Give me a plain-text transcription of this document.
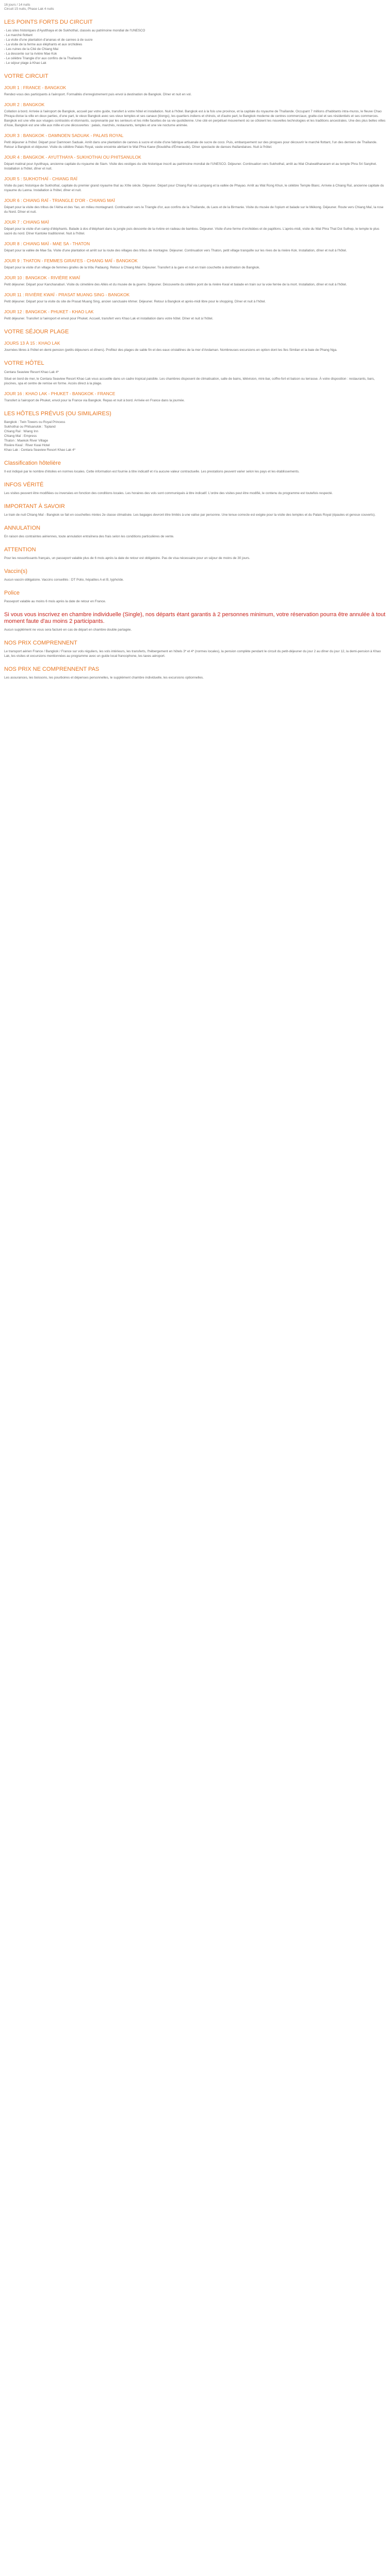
16 jours / 14 nuits
Circuit 15 nuits, Phase Lak 4 nuits
LES POINTS FORTS DU CIRCUIT
- Les sites historiques d'Ayutthaya et de Sukhothaï, classés au patrimoine mondial de l'UNESCO
- Le marché flottant
- La visite d'une plantation d'ananas et de cannes à de sucre
- La visite de la ferme aux éléphants et aux orchidées
- Les ruines de la Cité de Chiang Mai
- La descente sur la rivière Mae Kok
- Le célèbre Triangle d'or aux confins de la Thaïlande
- Le séjour plage à Khao Lak
VOTRE CIRCUIT
JOUR 1 : FRANCE - BANGKOK

Rendez-vous des participants à l'aéroport. Formalités d'enregistrement puis envol à destination de Bangkok. Dîner et nuit en vol.

JOUR 2 : BANGKOK

Collation à bord. Arrivée à l'aéroport de Bangkok, accueil par votre guide, transfert à votre hôtel et installation. Nuit à l'hôtel. Bangkok est à la fois une province, et la capitale du royaume de Thaïlande. Occupant 7 millions d'habitants intra-muros, le fleuve Chao Phraya divise la ville en deux parties, d'une part, le vieux Bangkok avec ses vieux temples et ses canaux (klongs), les quartiers indiens et chinois, et d'autre part, le Bangkok moderne de centres commerciaux, gratte-ciel et ses résidentiels et ses commerces. Bangkok est une ville aux visages contrastés et étonnants, surprenante par les senteurs et les mille facettes de sa vie quotidienne. Une cité en perpétuel mouvement où se côtoient les nouvelles technologies et les traditions ancestrales. Une des plus belles villes d'Asie, Bangkok est une ville aux mille et une découvertes : palais, marchés, restaurants, temples et une vie nocturne animée.

JOUR 3 : BANGKOK - DAMNOEN SADUAK - PALAIS ROYAL

Petit déjeuner à l'hôtel. Départ pour Damnoen Saduak. Arrêt dans une plantation de cannes à sucre et visite d'une fabrique artisanale de sucre de coco. Puis, embarquement sur des pirogues pour découvrir le marché flottant, l'un des derniers de Thaïlande. Retour à Bangkok et déjeuner. Visite du célèbre Palais Royal, vaste enceinte abritant le Wat Phra Kaew (Bouddha d'Émeraude). Dîner spectacle de danses thaïlandaises. Nuit à l'hôtel.

JOUR 4 : BANGKOK - AYUTTHAYA - SUKHOTHAI OU PHITSANULOK

Départ matinal pour Ayutthaya, ancienne capitale du royaume de Siam. Visite des vestiges du site historique inscrit au patrimoine mondial de l'UNESCO. Déjeuner. Continuation vers Sukhothaï, arrêt au Wat Chaiwatthanaram et au temple Phra Sri Sanphet. Installation à l'hôtel, dîner et nuit.

JOUR 5 : SUKHOTHAÏ - CHIANG RAÏ

Visite du parc historique de Sukhothaï, capitale du premier grand royaume thaï au XIIIe siècle. Déjeuner. Départ pour Chiang Raï via Lampang et la vallée de Phayao. Arrêt au Wat Rong Khun, le célèbre Temple Blanc. Arrivée à Chiang Raï, ancienne capitale du royaume du Lanna. Installation à l'hôtel, dîner et nuit.

JOUR 6 : CHIANG RAÏ - TRIANGLE D'OR - CHIANG MAÏ

Départ pour la visite des tribus de l'Akha et des Yao, en milieu montagnard. Continuation vers le Triangle d'or, aux confins de la Thaïlande, du Laos et de la Birmanie. Visite du musée de l'opium et balade sur le Mékong. Déjeuner. Route vers Chiang Maï, la rose du Nord. Dîner et nuit.

JOUR 7 : CHIANG MAÏ

Départ pour la visite d'un camp d'éléphants. Balade à dos d'éléphant dans la jungle puis descente de la rivière en radeau de bambou. Déjeuner. Visite d'une ferme d'orchidées et de papillons. L'après-midi, visite du Wat Phra That Doi Suthep, le temple le plus sacré du nord. Dîner Kantoke traditionnel. Nuit à l'hôtel.

JOUR 8 : CHIANG MAÏ - MAE SA - THATON

Départ pour la vallée de Mae Sa. Visite d'une plantation et arrêt sur la route des villages des tribus de montagne. Déjeuner. Continuation vers Thaton, petit village tranquille sur les rives de la rivière Kok. Installation, dîner et nuit à l'hôtel.

JOUR 9 : THATON - FEMMES GIRAFES - CHIANG MAÏ - BANGKOK

Départ pour la visite d'un village de femmes girafes de la tribu Padaung. Retour à Chiang Maï. Déjeuner. Transfert à la gare et nuit en train couchette à destination de Bangkok.

JOUR 10 : BANGKOK - RIVIÈRE KWAÏ

Petit déjeuner. Départ pour Kanchanaburi. Visite du cimetière des Alliés et du musée de la guerre. Déjeuner. Découverte du célèbre pont de la rivière Kwaï et balade en train sur la voie ferrée de la mort. Installation, dîner et nuit à l'hôtel.

JOUR 11 : RIVIÈRE KWAÏ - PRASAT MUANG SING - BANGKOK

Petit déjeuner. Départ pour la visite du site de Prasat Muang Sing, ancien sanctuaire khmer. Déjeuner. Retour à Bangkok et après-midi libre pour le shopping. Dîner et nuit à l'hôtel.

JOUR 12 : BANGKOK - PHUKET - KHAO LAK

Petit déjeuner. Transfert à l'aéroport et envol pour Phuket. Accueil, transfert vers Khao Lak et installation dans votre hôtel. Dîner et nuit à l'hôtel.

VOTRE SÉJOUR PLAGE
JOURS 13 À 15 : KHAO LAK

Journées libres à l'hôtel en demi-pension (petits déjeuners et dîners). Profitez des plages de sable fin et des eaux cristallines de la mer d'Andaman. Nombreuses excursions en option dont les îles Similan et la baie de Phang Nga.

VOTRE HÔTEL

Centara Seaview Resort Khao Lak 4*

Situé en bord de mer, le Centara Seaview Resort Khao Lak vous accueille dans un cadre tropical paisible. Les chambres disposent de climatisation, salle de bains, télévision, mini-bar, coffre-fort et balcon ou terrasse. À votre disposition : restaurants, bars, piscines, spa et centre de remise en forme. Accès direct à la plage.

JOUR 16 : KHAO LAK - PHUKET - BANGKOK - FRANCE

Transfert à l'aéroport de Phuket, envol pour la France via Bangkok. Repas et nuit à bord. Arrivée en France dans la journée.

LES HÔTELS PRÉVUS (OU SIMILAIRES)
Bangkok : Twin Towers ou Royal Princess
Sukhothai ou Phitsanulok : Topland
Chiang Raï : Wiang Inn
Chiang Maï : Empress
Thaton : Maekok River Village
Rivière Kwaï : River Kwai Hotel
Khao Lak : Centara Seaview Resort Khao Lak 4*
Classification hôtelière

Il est indiqué par le nombre d'étoiles en normes locales. Cette information est fournie à titre indicatif et n'a aucune valeur contractuelle. Les prestations peuvent varier selon les pays et les établissements.

INFOS VÉRITÉ

Les visites peuvent être modifiées ou inversées en fonction des conditions locales. Les horaires des vols sont communiqués à titre indicatif. L'ordre des visites peut être modifié, le contenu du programme est toutefois respecté.

IMPORTANT À SAVOIR

Le train de nuit Chiang Maï - Bangkok se fait en couchettes mixtes 2e classe climatisée. Les bagages devront être limités à une valise par personne. Une tenue correcte est exigée pour la visite des temples et du Palais Royal (épaules et genoux couverts).

ANNULATION

En raison des contraintes aériennes, toute annulation entraînera des frais selon les conditions particulières de vente.

ATTENTION

Pour les ressortissants français, un passeport valable plus de 6 mois après la date de retour est obligatoire. Pas de visa nécessaire pour un séjour de moins de 30 jours.

Vaccin(s)

Aucun vaccin obligatoire. Vaccins conseillés : DT Polio, hépatites A et B, typhoïde.

Police

Passeport valable au moins 6 mois après la date de retour en France.

Si vous vous inscrivez en chambre individuelle (Single), nos départs étant garantis à 2 personnes minimum, votre réservation pourra être annulée à tout moment faute d'au moins 2 participants.

Aucun supplément ne vous sera facturé en cas de départ en chambre double partagée.

NOS PRIX COMPRENNENT

Le transport aérien France / Bangkok / France sur vols réguliers, les vols intérieurs, les transferts, l'hébergement en hôtels 3* et 4* (normes locales), la pension complète pendant le circuit du petit-déjeuner du jour 2 au dîner du jour 12, la demi-pension à Khao Lak, les visites et excursions mentionnées au programme avec un guide local francophone, les taxes aéroport.

NOS PRIX NE COMPRENNENT PAS

Les assurances, les boissons, les pourboires et dépenses personnelles, le supplément chambre individuelle, les excursions optionnelles.
